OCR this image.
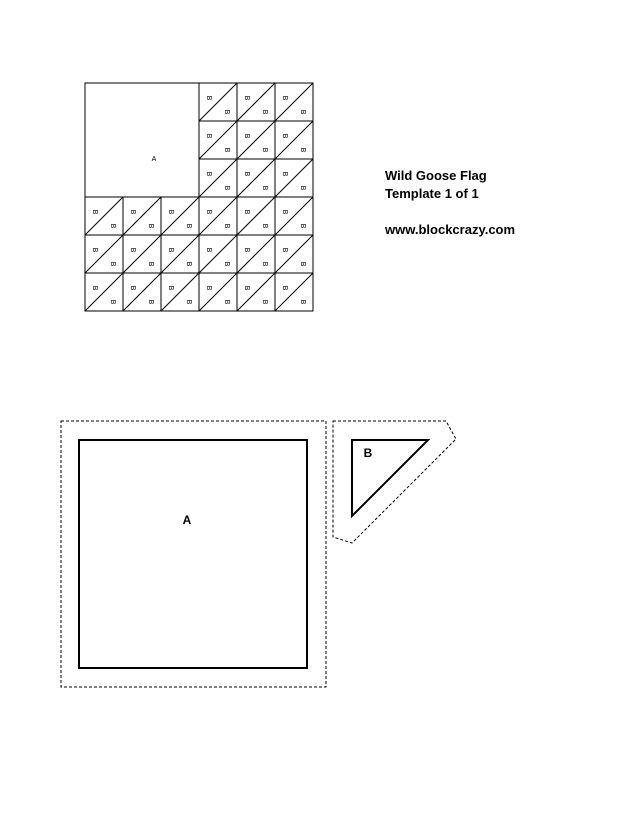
A
B
B
B
B
B
B
B
B
B
B
B
B
B
B
B
B
B
B
B
B
B
B
B
B
B
B
B
B
B
B
B
B
B
B
B
B
B
B
B
B
B
B
B
B
B
B
B
B
B
B
B
B
B
B
Wild Goose Flag
Template 1 of 1
www.blockcrazy.com
A
B
